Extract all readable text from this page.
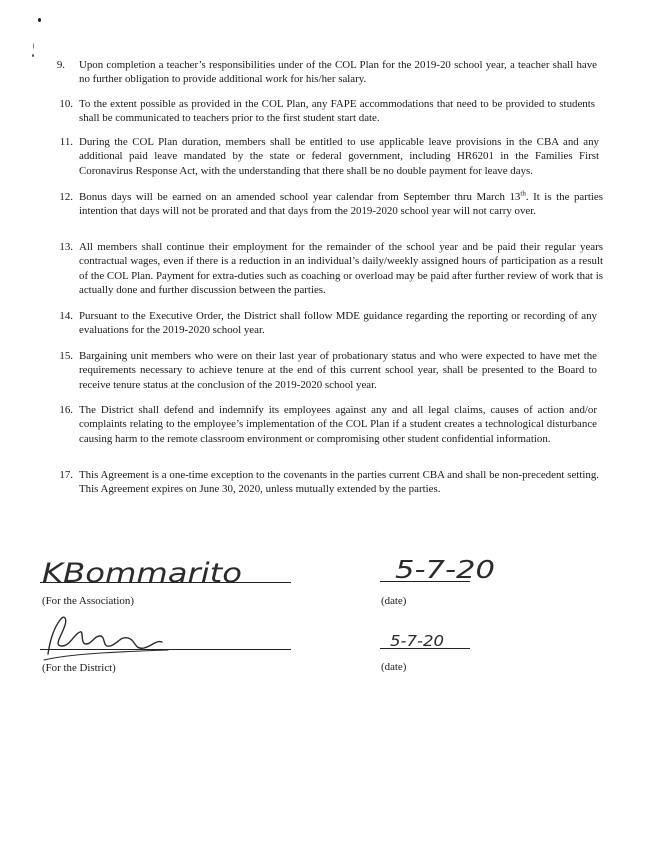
9. Upon completion a teacher’s responsibilities under of the COL Plan for the 2019-20 school year, a teacher shall have no further obligation to provide additional work for his/her salary.
10. To the extent possible as provided in the COL Plan, any FAPE accommodations that need to be provided to students shall be communicated to teachers prior to the first student start date.
11. During the COL Plan duration, members shall be entitled to use applicable leave provisions in the CBA and any additional paid leave mandated by the state or federal government, including HR6201 in the Families First Coronavirus Response Act, with the understanding that there shall be no double payment for leave days.
12. Bonus days will be earned on an amended school year calendar from September thru March 13th. It is the parties intention that days will not be prorated and that days from the 2019-2020 school year will not carry over.
13. All members shall continue their employment for the remainder of the school year and be paid their regular years contractual wages, even if there is a reduction in an individual’s daily/weekly assigned hours of participation as a result of the COL Plan. Payment for extra-duties such as coaching or overload may be paid after further review of work that is actually done and further discussion between the parties.
14. Pursuant to the Executive Order, the District shall follow MDE guidance regarding the reporting or recording of any evaluations for the 2019-2020 school year.
15. Bargaining unit members who were on their last year of probationary status and who were expected to have met the requirements necessary to achieve tenure at the end of this current school year, shall be presented to the Board to receive tenure status at the conclusion of the 2019-2020 school year.
16. The District shall defend and indemnify its employees against any and all legal claims, causes of action and/or complaints relating to the employee’s implementation of the COL Plan if a student creates a technological disturbance causing harm to the remote classroom environment or compromising other student confidential information.
17. This Agreement is a one-time exception to the covenants in the parties current CBA and shall be non-precedent setting. This Agreement expires on June 30, 2020, unless mutually extended by the parties.
KBommarito
(For the Association)
5-7-20
(date)
(For the District)
5-7-20
(date)
